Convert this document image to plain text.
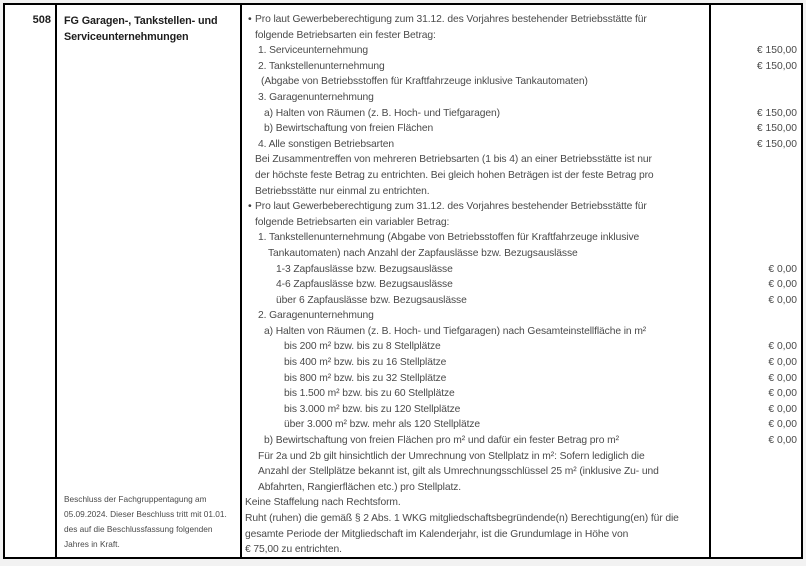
508	FG Garagen-, Tankstellen- und
Serviceunternehmungen
Beschluss der Fachgruppentagung am
05.09.2024. Dieser Beschluss tritt mit 01.01.
des auf die Beschlussfassung folgenden
Jahres in Kraft.
• Pro laut Gewerbeberechtigung zum 31.12. des Vorjahres bestehender Betriebsstätte für
folgende Betriebsarten ein fester Betrag:
1. Serviceunternehmung
2. Tankstellenunternehmung
(Abgabe von Betriebsstoffen für Kraftfahrzeuge inklusive Tankautomaten)
3. Garagenunternehmung
a) Halten von Räumen (z. B. Hoch- und Tiefgaragen)
b) Bewirtschaftung von freien Flächen
4. Alle sonstigen Betriebsarten
Bei Zusammentreffen von mehreren Betriebsarten (1 bis 4) an einer Betriebsstätte ist nur
der höchste feste Betrag zu entrichten. Bei gleich hohen Beträgen ist der feste Betrag pro
Betriebsstätte nur einmal zu entrichten.
• Pro laut Gewerbeberechtigung zum 31.12. des Vorjahres bestehender Betriebsstätte für
folgende Betriebsarten ein variabler Betrag:
1. Tankstellenunternehmung (Abgabe von Betriebsstoffen für Kraftfahrzeuge inklusive
Tankautomaten) nach Anzahl der Zapfauslässe bzw. Bezugsauslässe
1-3 Zapfauslässe bzw. Bezugsauslässe
4-6 Zapfauslässe bzw. Bezugsauslässe
über 6 Zapfauslässe bzw. Bezugsauslässe
2. Garagenunternehmung
a) Halten von Räumen (z. B. Hoch- und Tiefgaragen) nach Gesamteinstellfläche in m²
bis 200 m² bzw. bis zu 8 Stellplätze
bis 400 m² bzw. bis zu 16 Stellplätze
bis 800 m² bzw. bis zu 32 Stellplätze
bis 1.500 m² bzw. bis zu 60 Stellplätze
bis 3.000 m² bzw. bis zu 120 Stellplätze
über 3.000 m² bzw. mehr als 120 Stellplätze
b) Bewirtschaftung von freien Flächen pro m² und dafür ein fester Betrag pro m²
Für 2a und 2b gilt hinsichtlich der Umrechnung von Stellplatz in m²: Sofern lediglich die
Anzahl der Stellplätze bekannt ist, gilt als Umrechnungsschlüssel 25 m² (inklusive Zu- und
Abfahrten, Rangierflächen etc.) pro Stellplatz.
Keine Staffelung nach Rechtsform.
Ruht (ruhen) die gemäß § 2 Abs. 1 WKG mitgliedschaftsbegründende(n) Berechtigung(en) für die
gesamte Periode der Mitgliedschaft im Kalenderjahr, ist die Grundumlage in Höhe von
€ 75,00 zu entrichten.
€ 150,00
€ 150,00
€ 150,00
€ 150,00
€ 150,00
€ 0,00
€ 0,00
€ 0,00
€ 0,00
€ 0,00
€ 0,00
€ 0,00
€ 0,00
€ 0,00
€ 0,00
